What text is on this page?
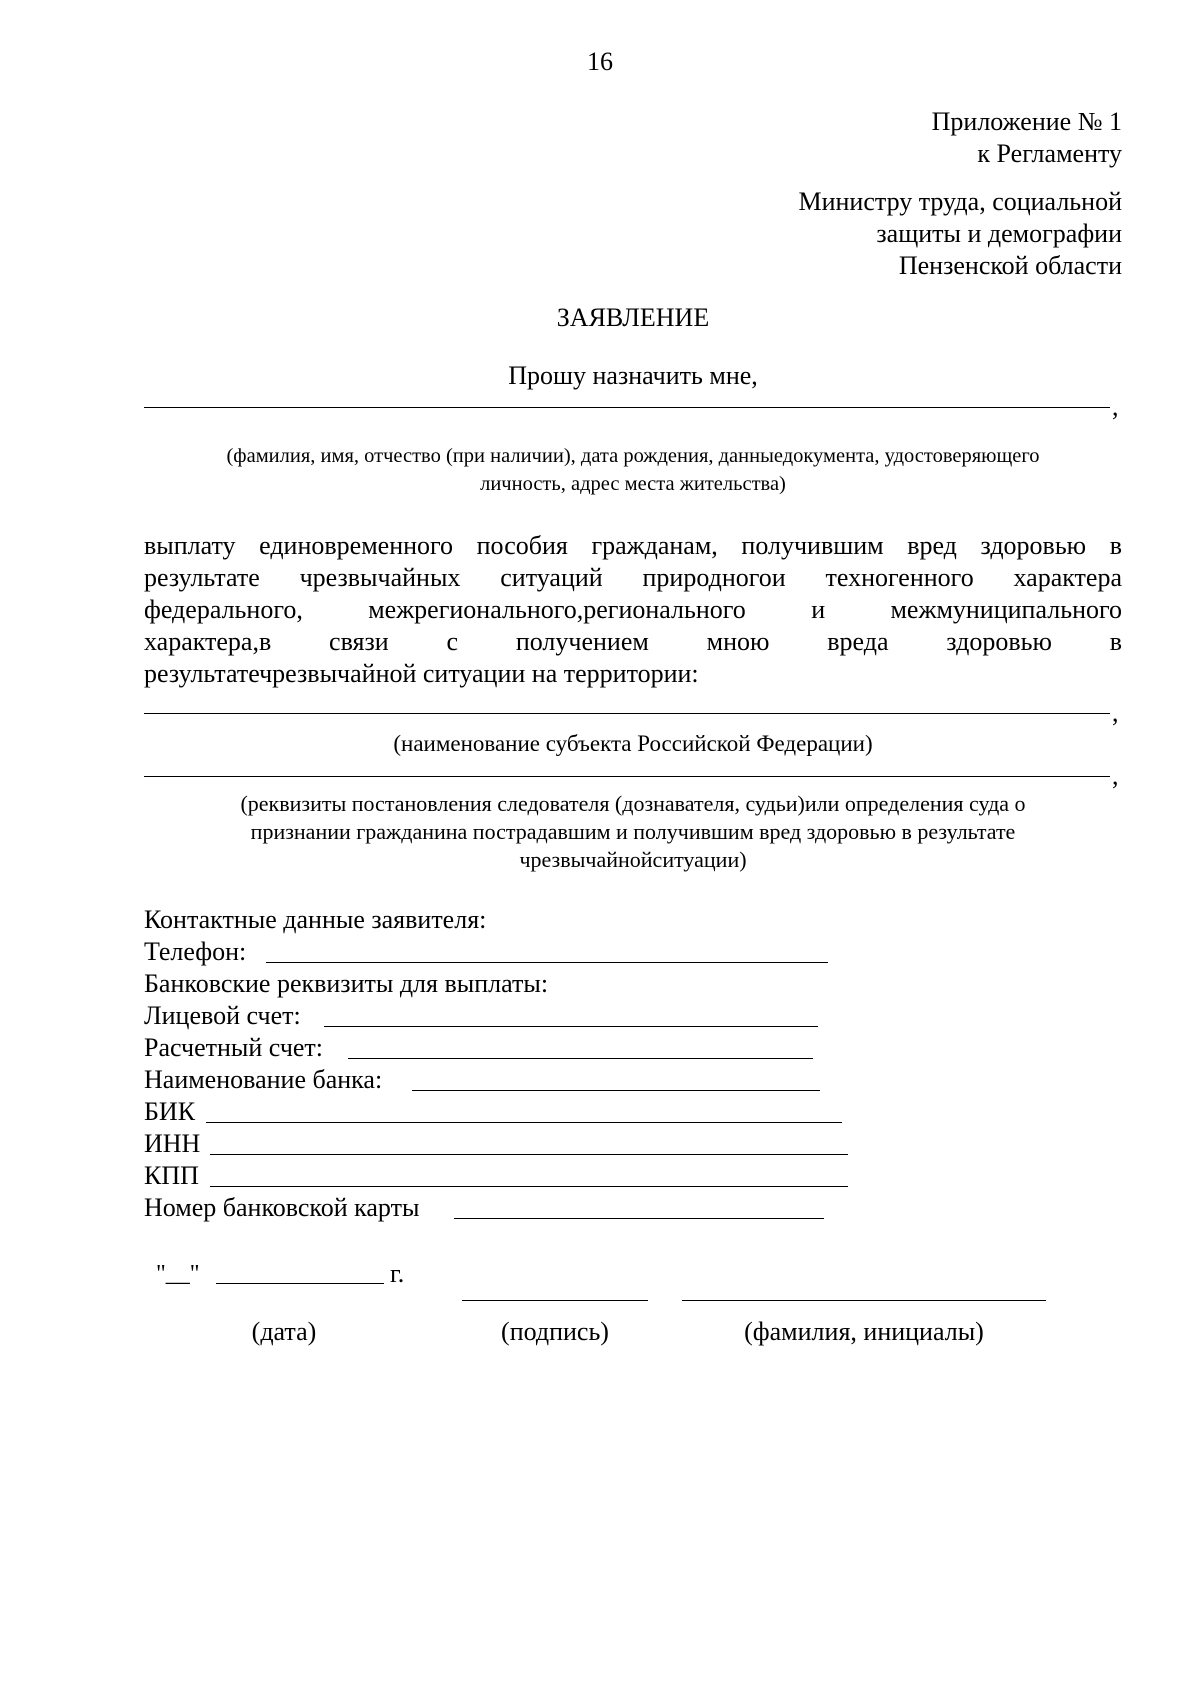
16
Приложение № 1
к Регламенту
Министру труда, социальной
защиты и демографии
Пензенской области
ЗАЯВЛЕНИЕ
Прошу назначить мне,
,
(фамилия, имя, отчество (при наличии), дата рождения, данныедокумента, удостоверяющего
личность, адрес места жительства)
выплату единовременного пособия гражданам, получившим вред здоровью в
результате чрезвычайных ситуаций природногои техногенного характера
федерального, межрегионального,регионального и межмуниципального
характера,в связи с получением мною вреда здоровью в
результатечрезвычайной ситуации на территории:
,
(наименование субъекта Российской Федерации)
,
(реквизиты постановления следователя (дознавателя, судьи)или определения суда о
признании гражданина пострадавшим и получившим вред здоровью в результате
чрезвычайнойситуации)
Контактные данные заявителя:
Телефон:
Банковские реквизиты для выплаты:
Лицевой счет:
Расчетный счет:
Наименование банка:
БИК
ИНН
КПП
Номер банковской карты
"__"	г.
(дата)	(подпись)	(фамилия, инициалы)
